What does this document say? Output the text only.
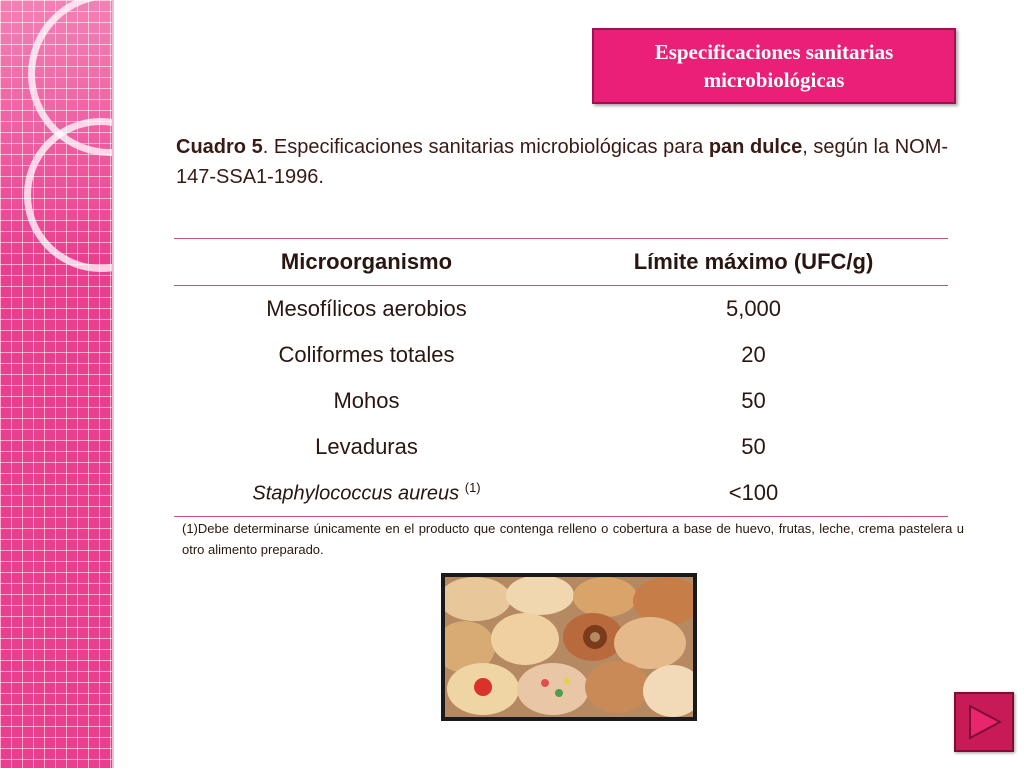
Especificaciones sanitarias
microbiológicas
Cuadro 5. Especificaciones sanitarias microbiológicas para pan dulce, según la NOM-147-SSA1-1996.
Microorganismo	Límite máximo (UFC/g)
Mesofílicos aerobios	5,000
Coliformes totales	20
Mohos	50
Levaduras	50
Staphylococcus aureus $^{(1)}$	<100
(1)Debe determinarse únicamente en el producto que contenga relleno o cobertura a base de huevo, frutas, leche, crema pastelera u otro alimento preparado.
